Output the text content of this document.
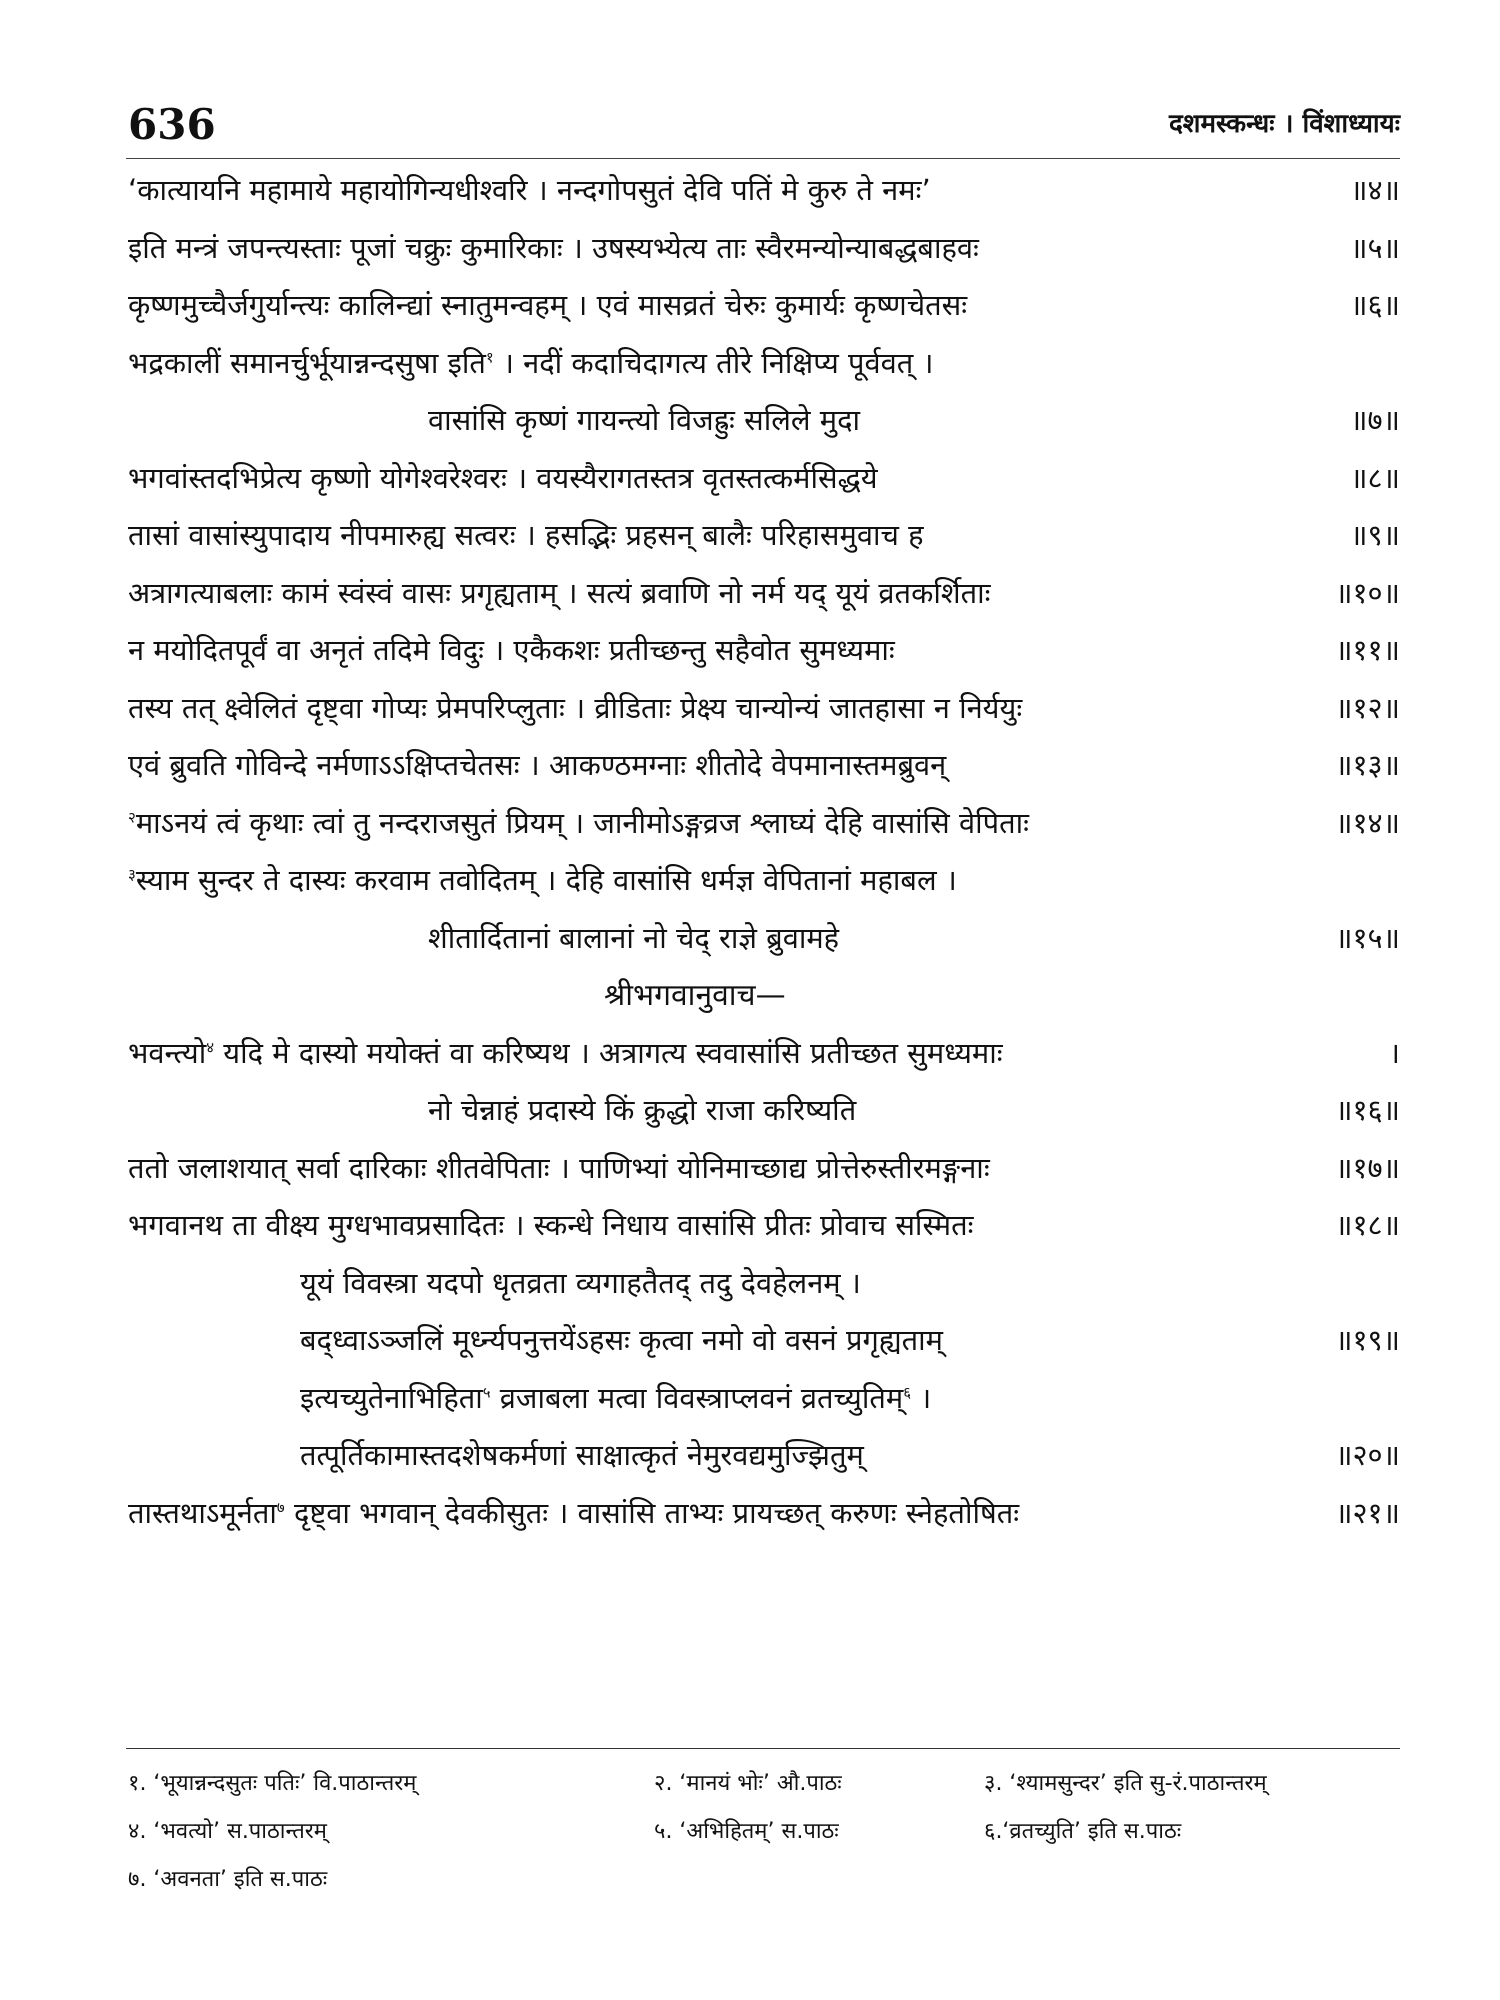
636	दशमस्कन्धः । विंशाध्यायः
‘कात्यायनि महामाये महायोगिन्यधीश्वरि । नन्दगोपसुतं देवि पतिं मे कुरु ते नमः’	॥४॥
इति मन्त्रं जपन्त्यस्ताः पूजां चक्रुः कुमारिकाः । उषस्यभ्येत्य ताः स्वैरमन्योन्याबद्धबाहवः	॥५॥
कृष्णमुच्चैर्जगुर्यान्त्यः कालिन्द्यां स्नातुमन्वहम् । एवं मासव्रतं चेरुः कुमार्यः कृष्णचेतसः	॥६॥
भद्रकालीं समानर्चुर्भूयान्नन्दसुषा इति$^१$ । नदीं कदाचिदागत्य तीरे निक्षिप्य पूर्ववत् ।
वासांसि कृष्णं गायन्त्यो विजह्रुः सलिले मुदा	॥७॥
भगवांस्तदभिप्रेत्य कृष्णो योगेश्वरेश्वरः । वयस्यैरागतस्तत्र वृतस्तत्कर्मसिद्धये	॥८॥
तासां वासांस्युपादाय नीपमारुह्य सत्वरः । हसद्भिः प्रहसन् बालैः परिहासमुवाच ह	॥९॥
अत्रागत्याबलाः कामं स्वंस्वं वासः प्रगृह्यताम् । सत्यं ब्रवाणि नो नर्म यद् यूयं व्रतकर्शिताः	॥१०॥
न मयोदितपूर्वं वा अनृतं तदिमे विदुः । एकैकशः प्रतीच्छन्तु सहैवोत सुमध्यमाः	॥११॥
तस्य तत् क्ष्वेलितं दृष्ट्वा गोप्यः प्रेमपरिप्लुताः । व्रीडिताः प्रेक्ष्य चान्योन्यं जातहासा न निर्ययुः	॥१२॥
एवं ब्रुवति गोविन्दे नर्मणाऽऽक्षिप्तचेतसः । आकण्ठमग्नाः शीतोदे वेपमानास्तमब्रुवन्	॥१३॥
$^२$माऽनयं त्वं कृथाः त्वां तु नन्दराजसुतं प्रियम् । जानीमोऽङ्गव्रज श्लाघ्यं देहि वासांसि वेपिताः	॥१४॥
$^३$स्याम सुन्दर ते दास्यः करवाम तवोदितम् । देहि वासांसि धर्मज्ञ वेपितानां महाबल ।
शीतार्दितानां बालानां नो चेद् राज्ञे ब्रुवामहे	॥१५॥
श्रीभगवानुवाच—
भवन्त्यो$^४$ यदि मे दास्यो मयोक्तं वा करिष्यथ । अत्रागत्य स्ववासांसि प्रतीच्छत सुमध्यमाः	।
नो चेन्नाहं प्रदास्ये किं क्रुद्धो राजा करिष्यति	॥१६॥
ततो जलाशयात् सर्वा दारिकाः शीतवेपिताः । पाणिभ्यां योनिमाच्छाद्य प्रोत्तेरुस्तीरमङ्गनाः	॥१७॥
भगवानथ ता वीक्ष्य मुग्धभावप्रसादितः । स्कन्धे निधाय वासांसि प्रीतः प्रोवाच सस्मितः	॥१८॥
यूयं विवस्त्रा यदपो धृतव्रता व्यगाहतैतद् तदु देवहेलनम् ।
बद्ध्वाऽञ्जलिं मूर्ध्न्यपनुत्तयेंऽहसः कृत्वा नमो वो वसनं प्रगृह्यताम्	॥१९॥
इत्यच्युतेनाभिहिता$^५$ व्रजाबला मत्वा विवस्त्राप्लवनं व्रतच्युतिम्$^६$ ।
तत्पूर्तिकामास्तदशेषकर्मणां साक्षात्कृतं नेमुरवद्यमुज्झितुम्	॥२०॥
तास्तथाऽमूर्नता$^७$ दृष्ट्वा भगवान् देवकीसुतः । वासांसि ताभ्यः प्रायच्छत् करुणः स्नेहतोषितः	॥२१॥
१. ‘भूयान्नन्दसुतः पतिः’ वि.पाठान्तरम्	२. ‘मानयं भोः’ औ.पाठः	३. ‘श्यामसुन्दर’ इति सु-रं.पाठान्तरम्
४. ‘भवत्यो’ स.पाठान्तरम्	५. ‘अभिहितम्’ स.पाठः	६.‘व्रतच्युति’ इति स.पाठः
७. ‘अवनता’ इति स.पाठः
